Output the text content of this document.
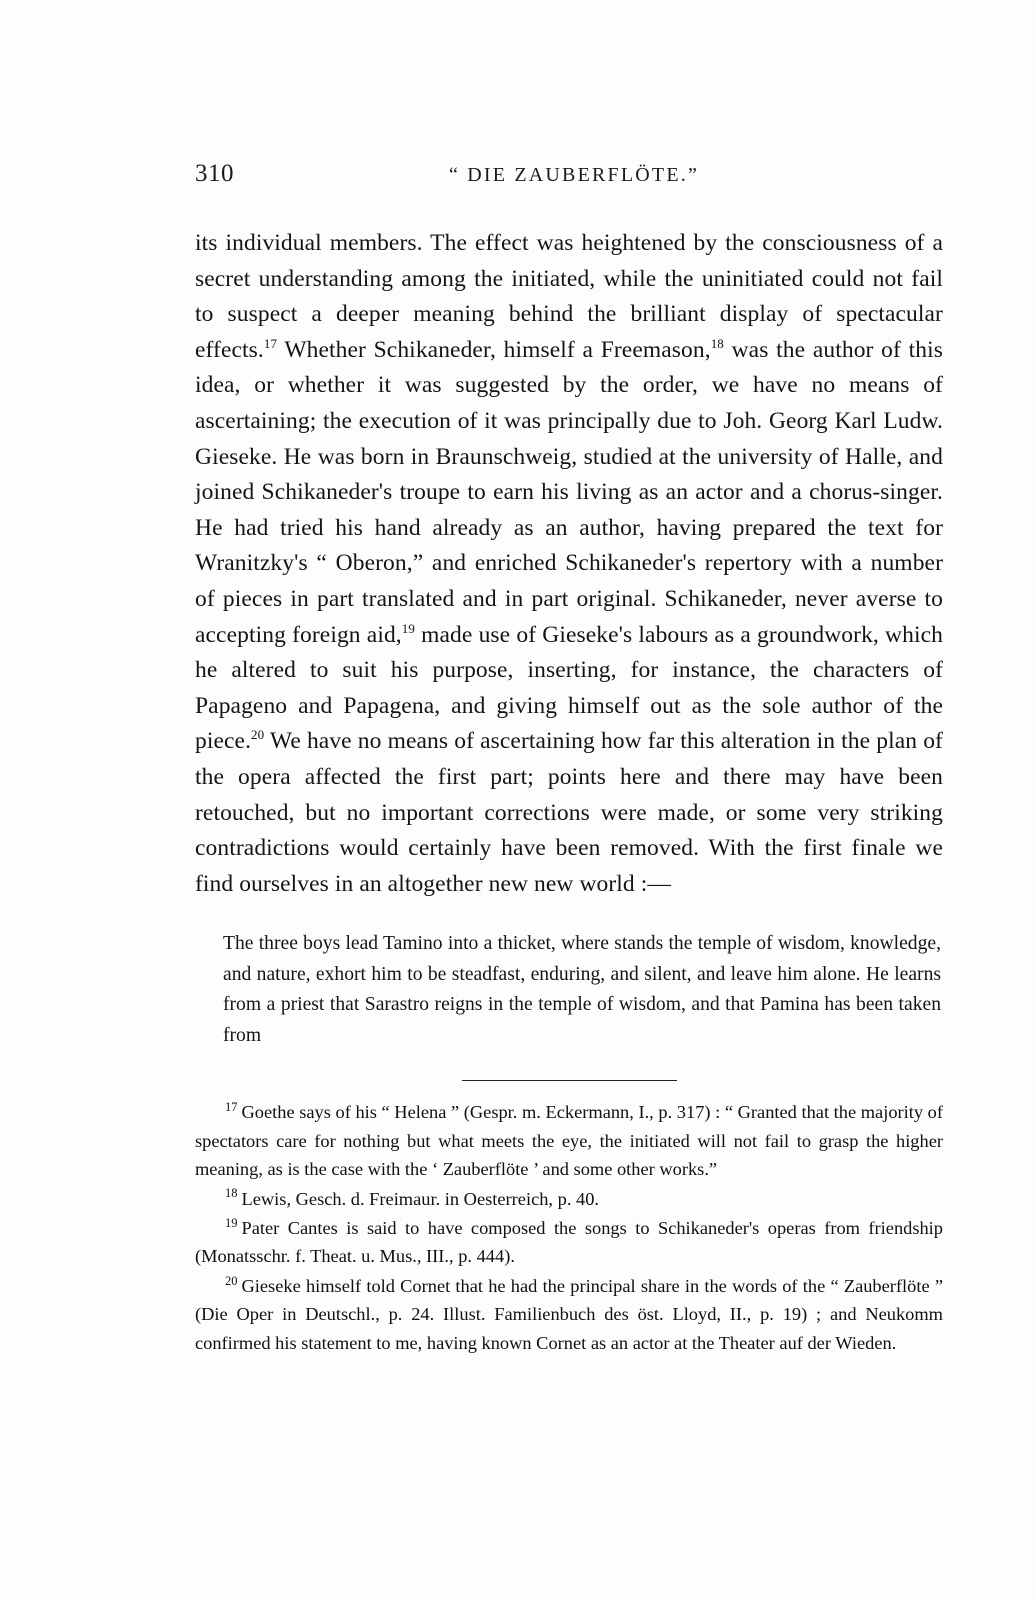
310	“ DIE ZAUBERFLÖTE.”

its individual members. The effect was heightened by the consciousness of a secret understanding among the initiated, while the uninitiated could not fail to suspect a deeper meaning behind the brilliant display of spectacular effects.$^{17}$ Whether Schikaneder, himself a Freemason,$^{18}$ was the author of this idea, or whether it was suggested by the order, we have no means of ascertaining; the execution of it was principally due to Joh. Georg Karl Ludw. Gieseke. He was born in Braunschweig, studied at the university of Halle, and joined Schikaneder's troupe to earn his living as an actor and a chorus-singer. He had tried his hand already as an author, having prepared the text for Wranitzky's “ Oberon,” and enriched Schikaneder's repertory with a number of pieces in part translated and in part original. Schikaneder, never averse to accepting foreign aid,$^{19}$ made use of Gieseke's labours as a groundwork, which he altered to suit his purpose, inserting, for instance, the characters of Papageno and Papagena, and giving himself out as the sole author of the piece.$^{20}$ We have no means of ascertaining how far this alteration in the plan of the opera affected the first part; points here and there may have been retouched, but no important corrections were made, or some very striking contradictions would certainly have been removed. With the first finale we find ourselves in an altogether new new world :—

The three boys lead Tamino into a thicket, where stands the temple of wisdom, knowledge, and nature, exhort him to be steadfast, enduring, and silent, and leave him alone. He learns from a priest that Sarastro reigns in the temple of wisdom, and that Pamina has been taken from

$^{17}$ Goethe says of his “ Helena ” (Gespr. m. Eckermann, I., p. 317) : “ Granted that the majority of spectators care for nothing but what meets the eye, the initiated will not fail to grasp the higher meaning, as is the case with the ‘ Zauberflöte ’ and some other works.”

$^{18}$ Lewis, Gesch. d. Freimaur. in Oesterreich, p. 40.

$^{19}$ Pater Cantes is said to have composed the songs to Schikaneder's operas from friendship (Monatsschr. f. Theat. u. Mus., III., p. 444).

$^{20}$ Gieseke himself told Cornet that he had the principal share in the words of the “ Zauberflöte ” (Die Oper in Deutschl., p. 24. Illust. Familienbuch des öst. Lloyd, II., p. 19) ; and Neukomm confirmed his statement to me, having known Cornet as an actor at the Theater auf der Wieden.
